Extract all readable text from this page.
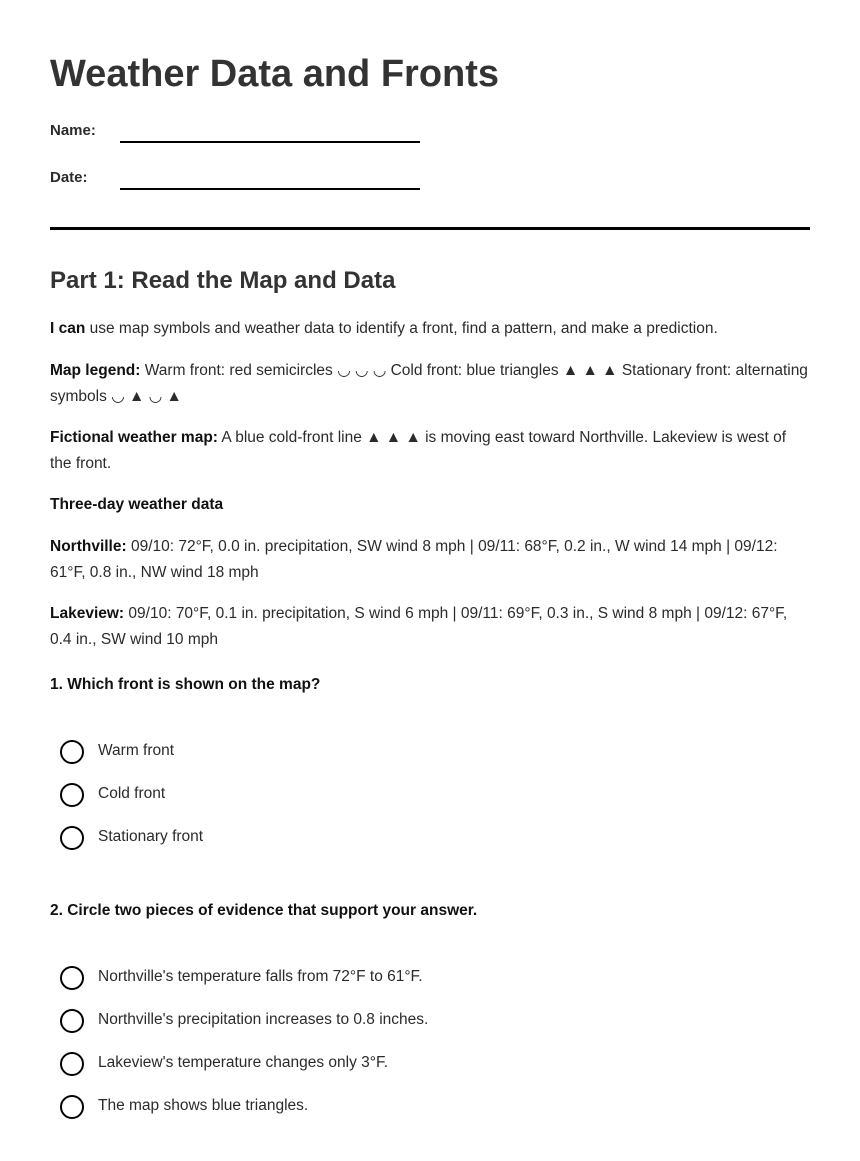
Weather Data and Fronts
Name:
Date:
Part 1: Read the Map and Data

I can use map symbols and weather data to identify a front, find a pattern, and make a prediction.

Map legend: Warm front: red semicircles ◡ ◡ ◡ Cold front: blue triangles ▲ ▲ ▲ Stationary front: alternating symbols ◡ ▲ ◡ ▲

Fictional weather map: A blue cold-front line ▲ ▲ ▲ is moving east toward Northville. Lakeview is west of the front.

Three-day weather data

Northville: 09/10: 72°F, 0.0 in. precipitation, SW wind 8 mph | 09/11: 68°F, 0.2 in., W wind 14 mph | 09/12: 61°F, 0.8 in., NW wind 18 mph

Lakeview: 09/10: 70°F, 0.1 in. precipitation, S wind 6 mph | 09/11: 69°F, 0.3 in., S wind 8 mph | 09/12: 67°F, 0.4 in., SW wind 10 mph

1. Which front is shown on the map?

Warm front
Cold front
Stationary front

2. Circle two pieces of evidence that support your answer.

Northville's temperature falls from 72°F to 61°F.
Northville's precipitation increases to 0.8 inches.
Lakeview's temperature changes only 3°F.
The map shows blue triangles.
